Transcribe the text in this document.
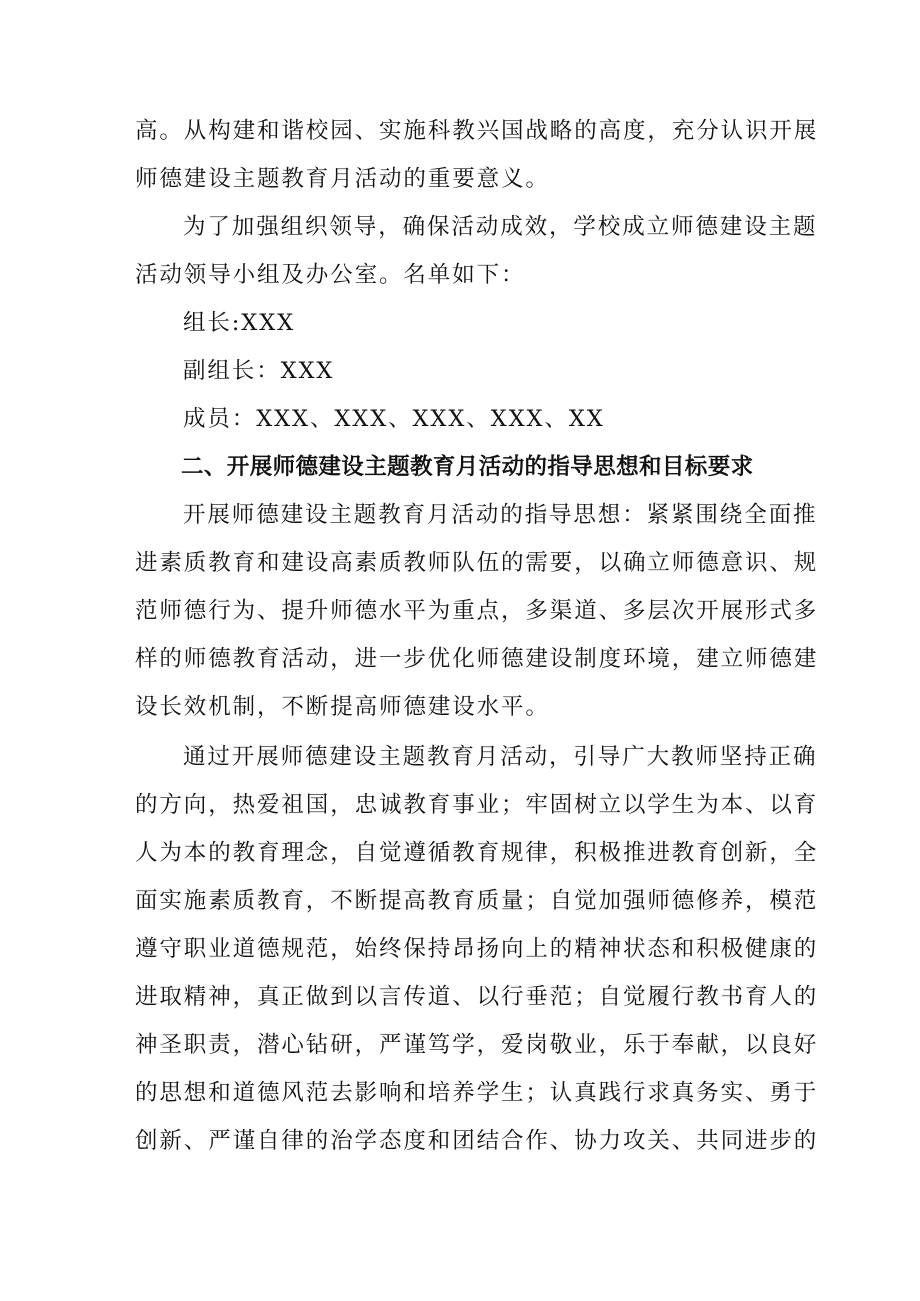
高。从构建和谐校园、实施科教兴国战略的高度，充分认识开展
师德建设主题教育月活动的重要意义。
为了加强组织领导，确保活动成效，学校成立师德建设主题
活动领导小组及办公室。名单如下：
组长:XXX
副组长：XXX
成员：XXX、XXX、XXX、XXX、XX
二、开展师德建设主题教育月活动的指导思想和目标要求
开展师德建设主题教育月活动的指导思想：紧紧围绕全面推
进素质教育和建设高素质教师队伍的需要，以确立师德意识、规
范师德行为、提升师德水平为重点，多渠道、多层次开展形式多
样的师德教育活动，进一步优化师德建设制度环境，建立师德建
设长效机制，不断提高师德建设水平。
通过开展师德建设主题教育月活动，引导广大教师坚持正确
的方向，热爱祖国，忠诚教育事业；牢固树立以学生为本、以育
人为本的教育理念，自觉遵循教育规律，积极推进教育创新，全
面实施素质教育，不断提高教育质量；自觉加强师德修养，模范
遵守职业道德规范，始终保持昂扬向上的精神状态和积极健康的
进取精神，真正做到以言传道、以行垂范；自觉履行教书育人的
神圣职责，潜心钻研，严谨笃学，爱岗敬业，乐于奉献，以良好
的思想和道德风范去影响和培养学生；认真践行求真务实、勇于
创新、严谨自律的治学态度和团结合作、协力攻关、共同进步的
